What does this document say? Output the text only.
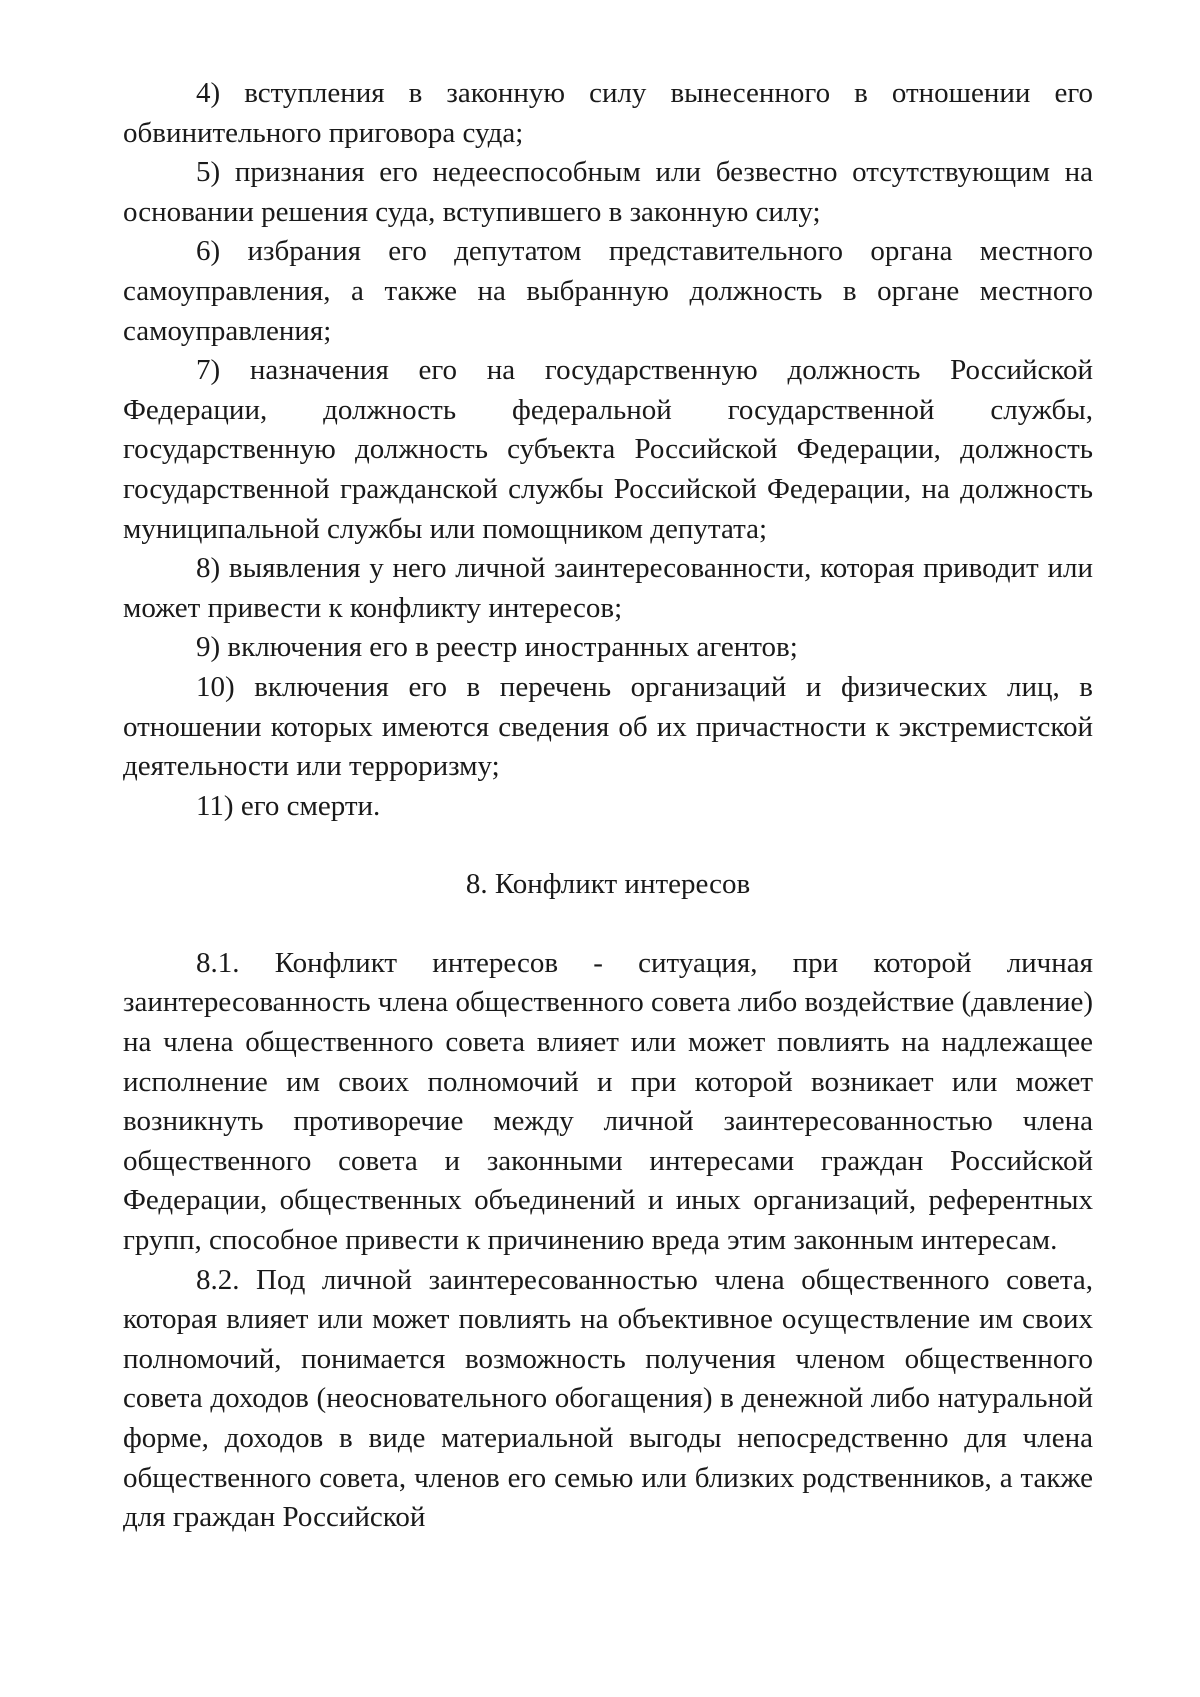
4) вступления в законную силу вынесенного в отношении его обвинительного приговора суда;

5) признания его недееспособным или безвестно отсутствующим на основании решения суда, вступившего в законную силу;

6) избрания его депутатом представительного органа местного самоуправления, а также на выбранную должность в органе местного самоуправления;

7) назначения его на государственную должность Российской Федерации, должность федеральной государственной службы, государственную должность субъекта Российской Федерации, должность государственной гражданской службы Российской Федерации, на должность муниципальной службы или помощником депутата;

8) выявления у него личной заинтересованности, которая приводит или может привести к конфликту интересов;

9) включения его в реестр иностранных агентов;

10) включения его в перечень организаций и физических лиц, в отношении которых имеются сведения об их причастности к экстремистской деятельности или терроризму;

11) его смерти.

8. Конфликт интересов

8.1. Конфликт интересов - ситуация, при которой личная заинтересованность члена общественного совета либо воздействие (давление) на члена общественного совета влияет или может повлиять на надлежащее исполнение им своих полномочий и при которой возникает или может возникнуть противоречие между личной заинтересованностью члена общественного совета и законными интересами граждан Российской Федерации, общественных объединений и иных организаций, референтных групп, способное привести к причинению вреда этим законным интересам.

8.2. Под личной заинтересованностью члена общественного совета, которая влияет или может повлиять на объективное осуществление им своих полномочий, понимается возможность получения членом общественного совета доходов (неосновательного обогащения) в денежной либо натуральной форме, доходов в виде материальной выгоды непосредственно для члена общественного совета, членов его семью или близких родственников, а также для граждан Российской
